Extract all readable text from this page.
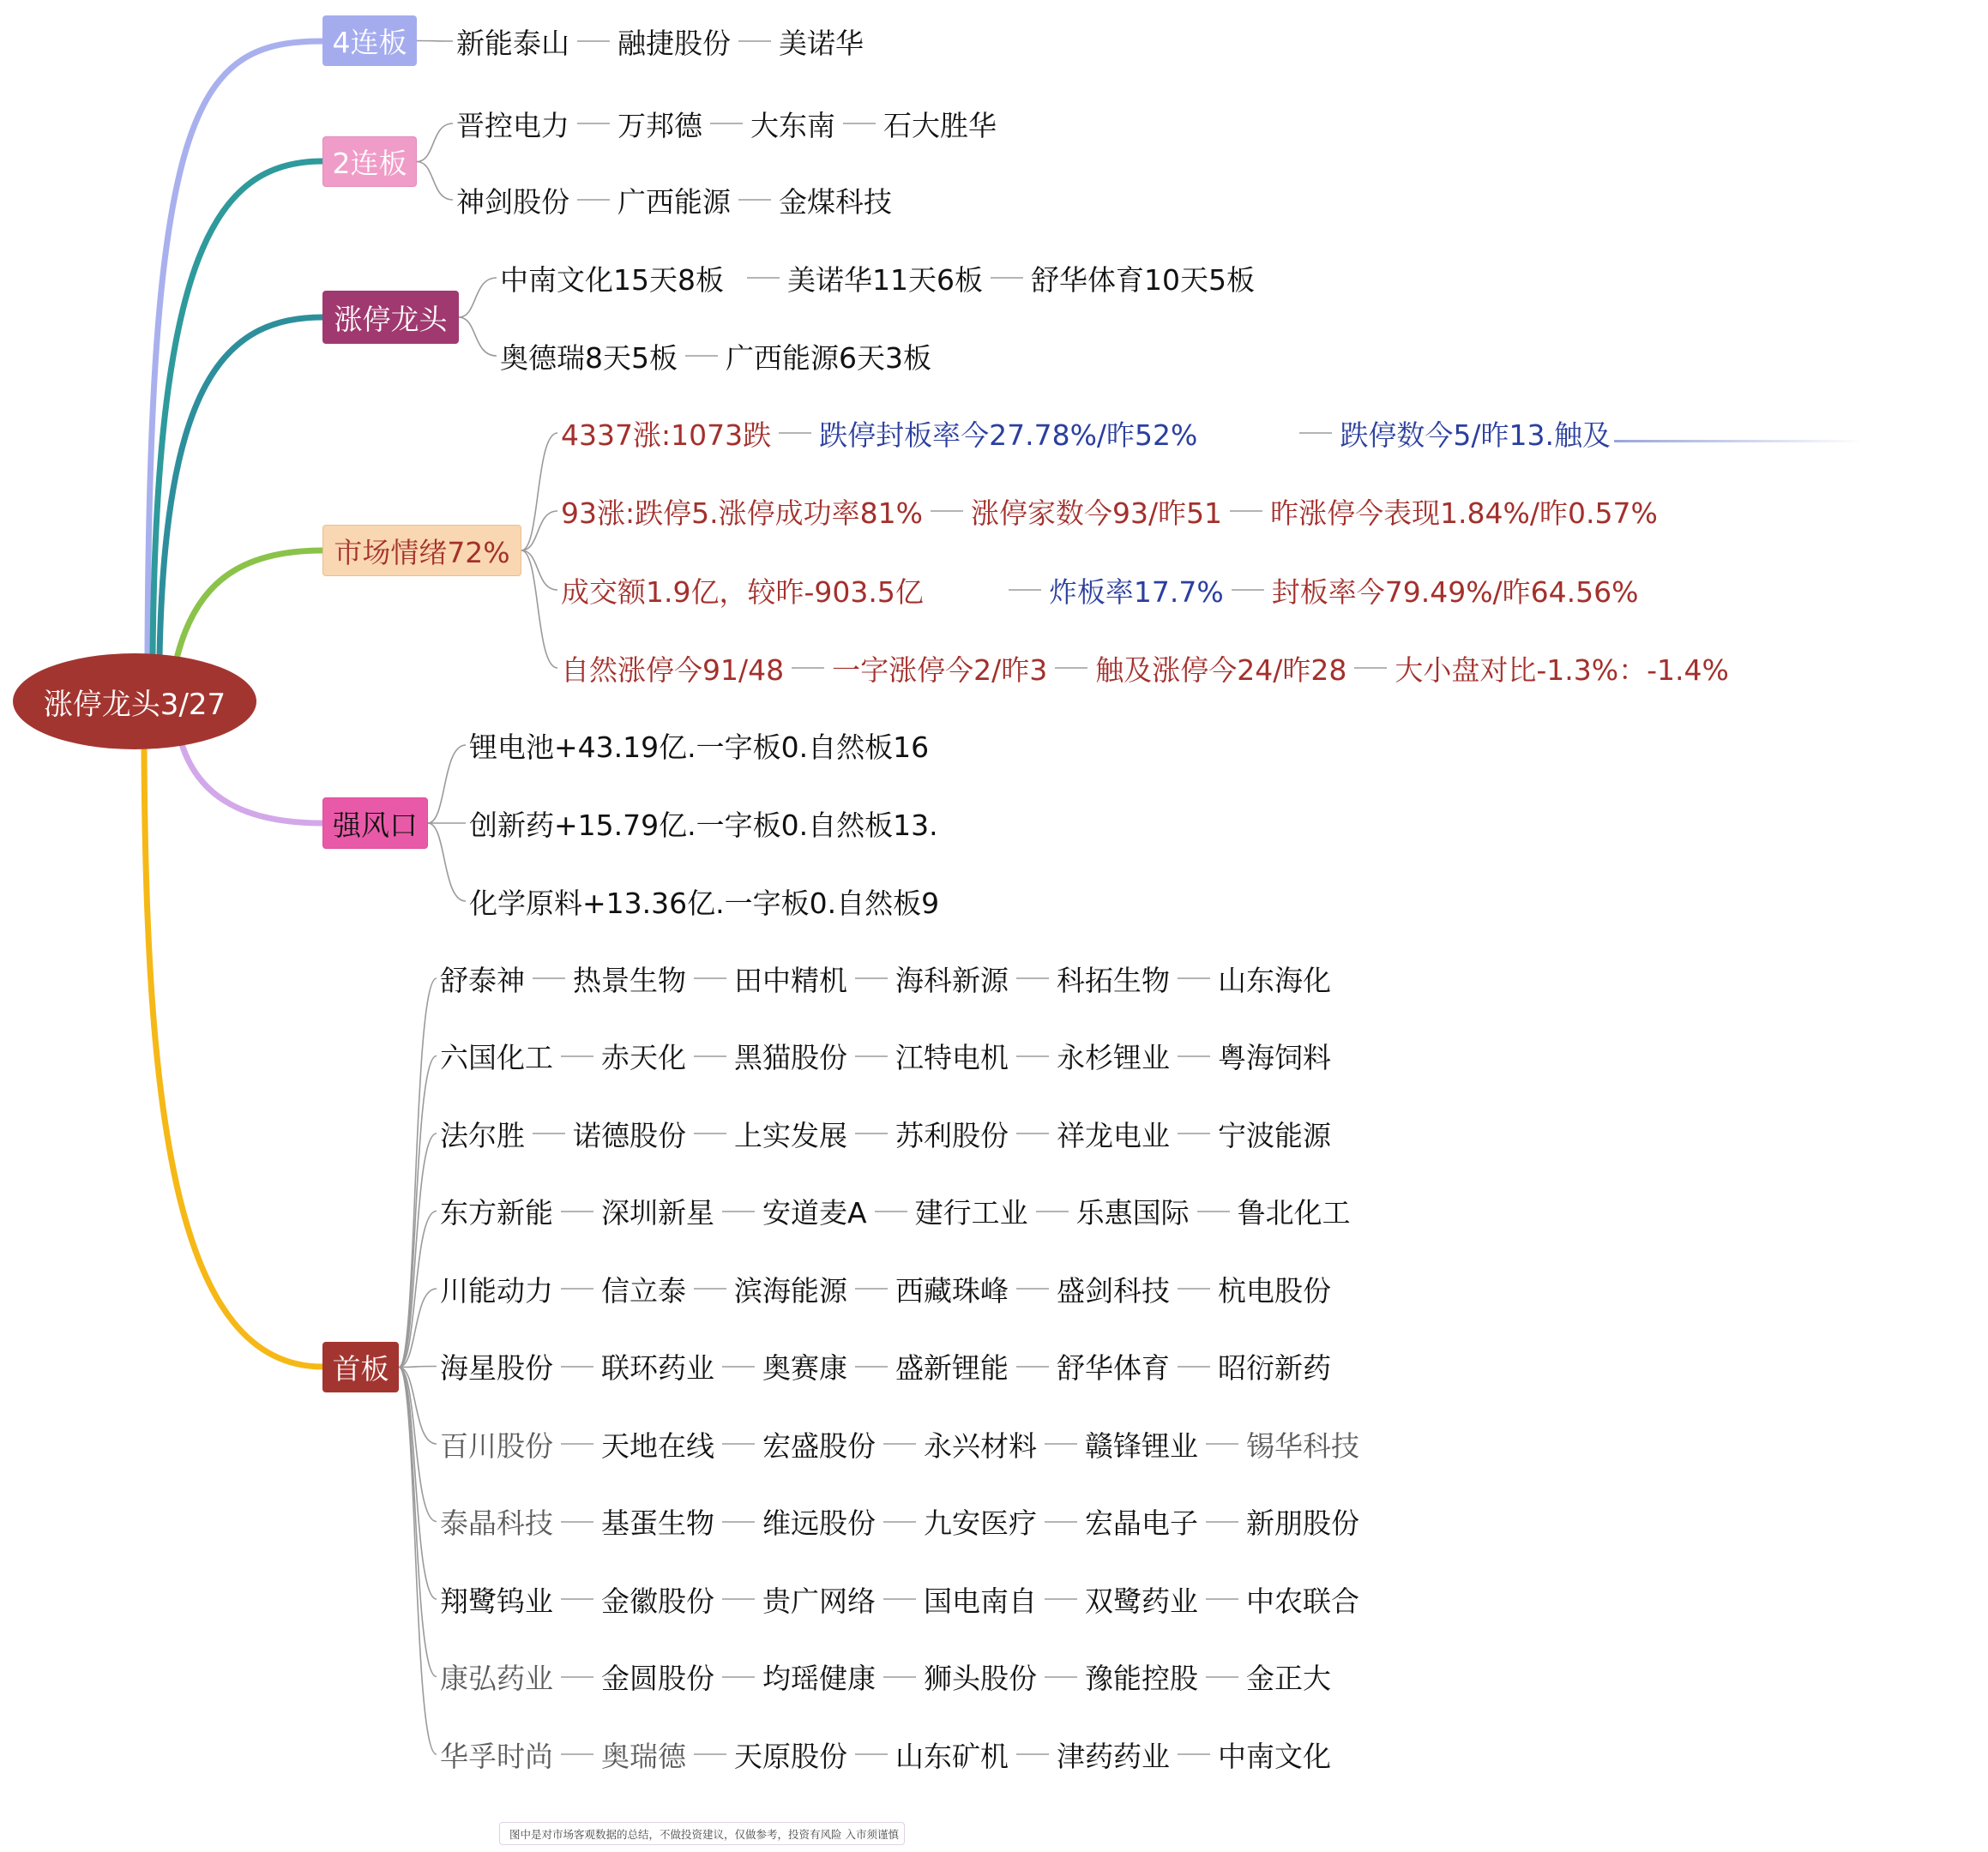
涨停龙头3/27
4连板 新能泰山 融捷股份 美诺华
2连板
晋控电力 万邦德 大东南 石大胜华
神剑股份 广西能源 金煤科技
涨停龙头
中南文化15天8板 美诺华11天6板 舒华体育10天5板
奥德瑞8天5板 广西能源6天3板
市场情绪72%
4337涨:1073跌 跌停封板率今27.78%/昨52%	跌停数今5/昨13.触及
93涨:跌停5.涨停成功率81% 涨停家数今93/昨51 昨涨停今表现1.84%/昨0.57%
成交额1.9亿，较昨-903.5亿	炸板率17.7% 封板率今79.49%/昨64.56%
自然涨停今91/48 一字涨停今2/昨3 触及涨停今24/昨28 大小盘对比-1.3%：-1.4%
强风口
锂电池+43.19亿.一字板0.自然板16
创新药+15.79亿.一字板0.自然板13.
化学原料+13.36亿.一字板0.自然板9
首板
舒泰神 热景生物 田中精机 海科新源 科拓生物 山东海化
六国化工 赤天化 黑猫股份 江特电机 永杉锂业 粤海饲料
法尔胜 诺德股份 上实发展 苏利股份 祥龙电业 宁波能源
东方新能 深圳新星 安道麦A 建行工业 乐惠国际 鲁北化工
川能动力 信立泰 滨海能源 西藏珠峰 盛剑科技 杭电股份
海星股份 联环药业 奥赛康 盛新锂能 舒华体育 昭衍新药
百川股份 天地在线 宏盛股份 永兴材料 赣锋锂业 锡华科技
泰晶科技 基蛋生物 维远股份 九安医疗 宏晶电子 新朋股份
翔鹭钨业 金徽股份 贵广网络 国电南自 双鹭药业 中农联合
康弘药业 金圆股份 均瑶健康 狮头股份 豫能控股 金正大
华孚时尚 奥瑞德 天原股份 山东矿机 津药药业 中南文化
图中是对市场客观数据的总结，不做投资建议，仅做参考，投资有风险 入市须谨慎
